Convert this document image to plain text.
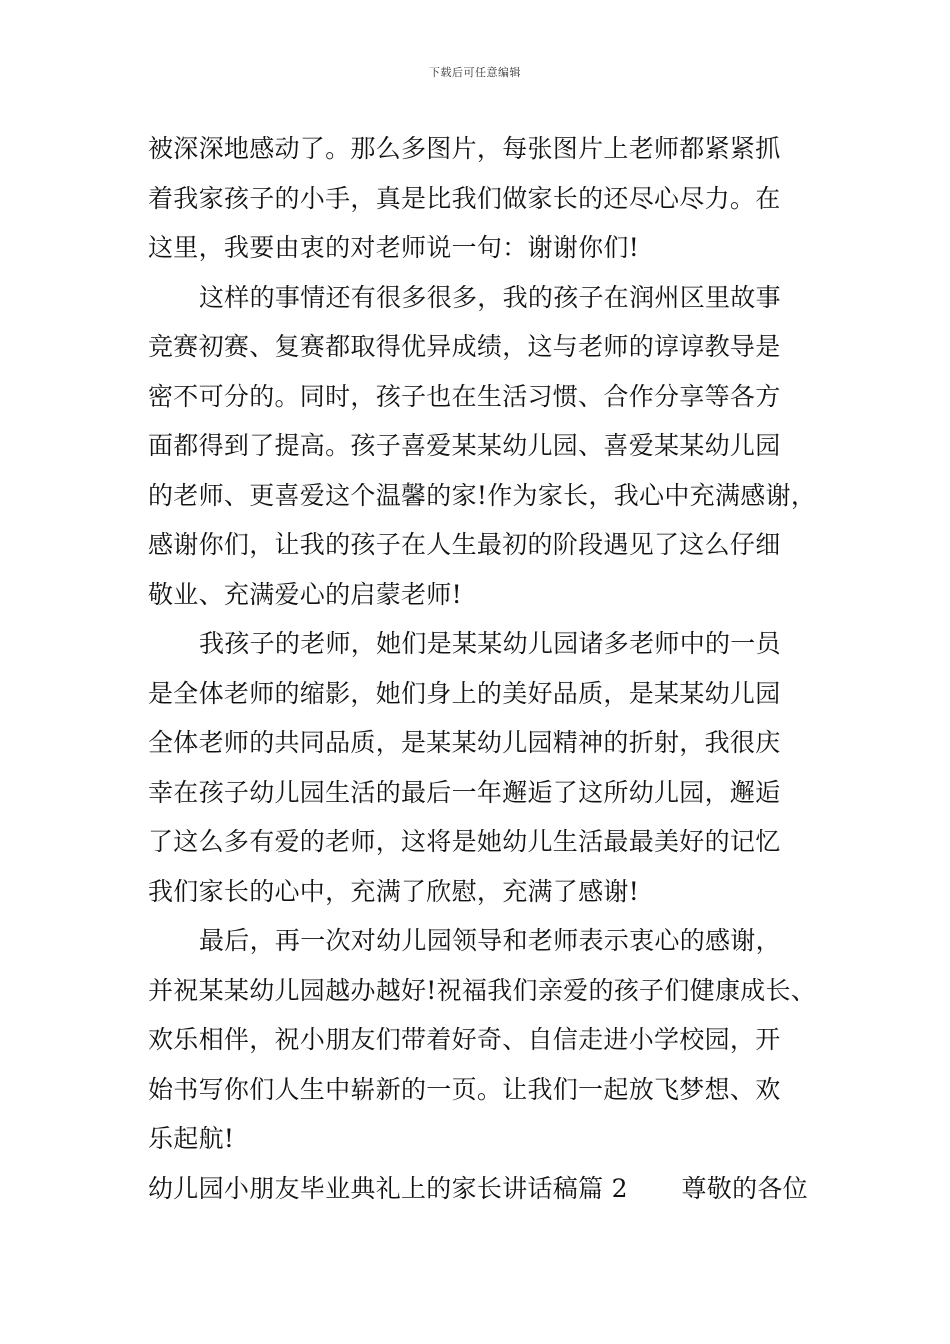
下载后可任意编辑
被深深地感动了。那么多图片，每张图片上老师都紧紧抓
着我家孩子的小手，真是比我们做家长的还尽心尽力。在
这里，我要由衷的对老师说一句：谢谢你们!
这样的事情还有很多很多，我的孩子在润州区里故事
竞赛初赛、复赛都取得优异成绩，这与老师的谆谆教导是
密不可分的。同时，孩子也在生活习惯、合作分享等各方
面都得到了提高。孩子喜爱某某幼儿园、喜爱某某幼儿园
的老师、更喜爱这个温馨的家!作为家长，我心中充满感谢，
感谢你们，让我的孩子在人生最初的阶段遇见了这么仔细
敬业、充满爱心的启蒙老师!
我孩子的老师，她们是某某幼儿园诸多老师中的一员
是全体老师的缩影，她们身上的美好品质，是某某幼儿园
全体老师的共同品质，是某某幼儿园精神的折射，我很庆
幸在孩子幼儿园生活的最后一年邂逅了这所幼儿园，邂逅
了这么多有爱的老师，这将是她幼儿生活最最美好的记忆
我们家长的心中，充满了欣慰，充满了感谢!
最后，再一次对幼儿园领导和老师表示衷心的感谢，
并祝某某幼儿园越办越好!祝福我们亲爱的孩子们健康成长、
欢乐相伴，祝小朋友们带着好奇、自信走进小学校园，开
始书写你们人生中崭新的一页。让我们一起放飞梦想、欢
乐起航!
幼儿园小朋友毕业典礼上的家长讲话稿篇 2 尊敬的各位
